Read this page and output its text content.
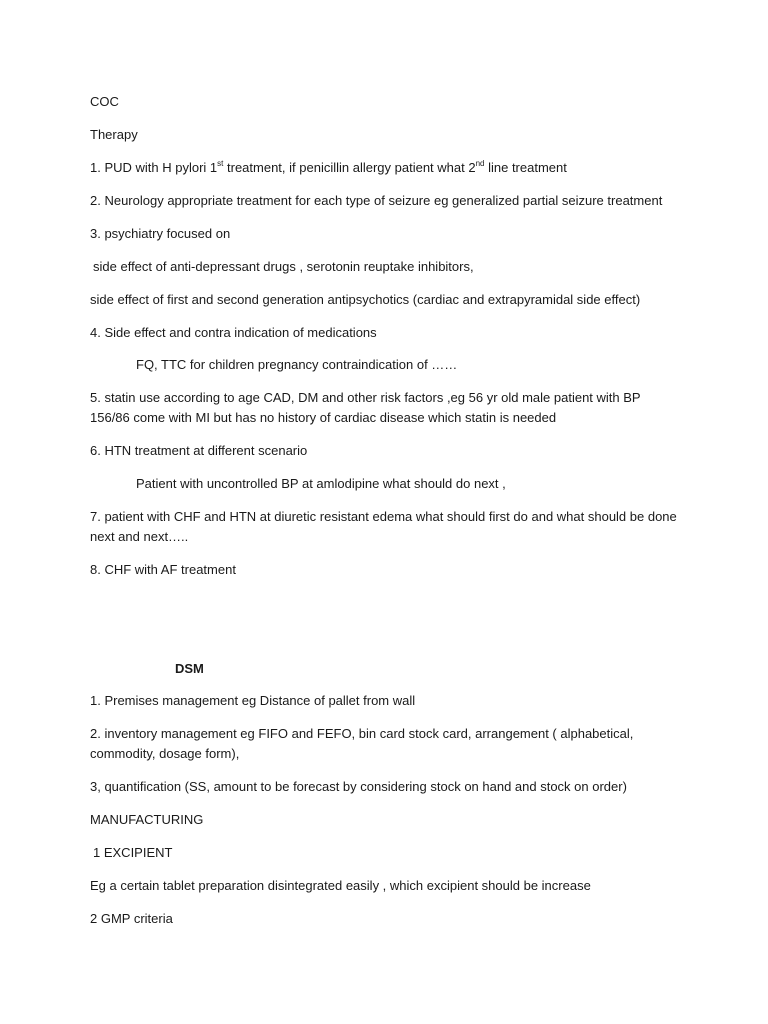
COC
Therapy
1. PUD with H pylori 1st treatment, if penicillin allergy patient what 2nd line treatment
2. Neurology appropriate treatment for each type of seizure eg generalized partial seizure treatment
3. psychiatry focused on
side effect of anti-depressant drugs , serotonin reuptake inhibitors,
side effect of first and second generation antipsychotics (cardiac and extrapyramidal side effect)
4. Side effect and contra indication of medications
FQ, TTC for children pregnancy contraindication of ……
5. statin use according to age CAD, DM and other risk factors ,eg 56 yr old male patient with BP 156/86 come with MI but has no history of cardiac disease which statin is needed
6. HTN treatment at different scenario
Patient with uncontrolled BP at amlodipine what should do next ,
7. patient with CHF and HTN at diuretic resistant edema what should first do and what should be done next and next…..
8. CHF with AF treatment
DSM
1. Premises management eg Distance of pallet from wall
2. inventory management eg FIFO and FEFO, bin card stock card, arrangement ( alphabetical, commodity, dosage form),
3, quantification (SS, amount to be forecast by considering stock on hand and stock on order)
MANUFACTURING
1 EXCIPIENT
Eg a certain tablet preparation disintegrated easily , which excipient should be increase
2 GMP criteria
